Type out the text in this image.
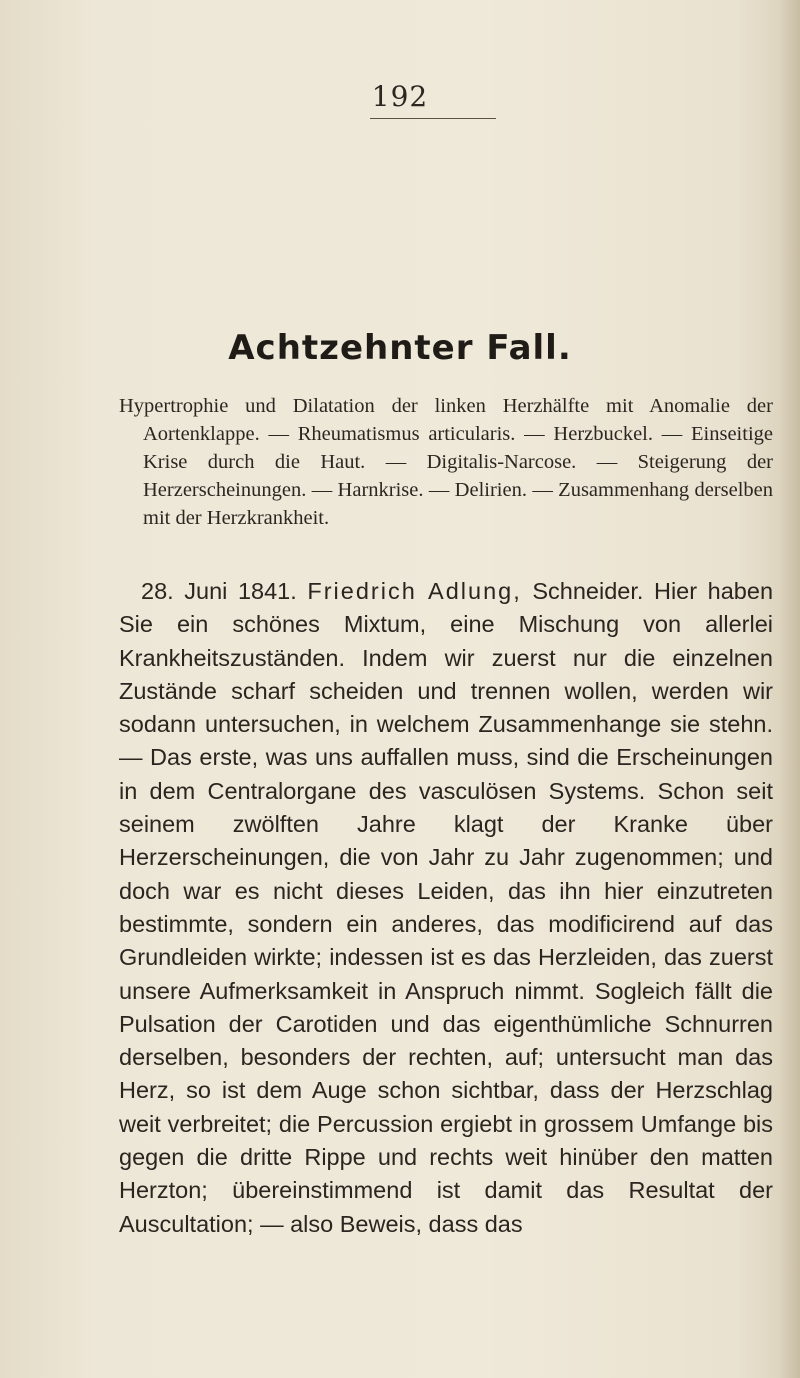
192
Achtzehnter Fall.
Hypertrophie und Dilatation der linken Herzhälfte mit Anomalie der Aortenklappe. — Rheumatismus articularis. — Herzbuckel. — Einseitige Krise durch die Haut. — Digitalis-Narcose. — Steigerung der Herzerscheinungen. — Harnkrise. — Delirien. — Zusammenhang derselben mit der Herzkrankheit.
28. Juni 1841. Friedrich Adlung, Schneider. Hier haben Sie ein schönes Mixtum, eine Mischung von allerlei Krankheitszuständen. Indem wir zuerst nur die einzelnen Zustände scharf scheiden und trennen wollen, werden wir sodann untersuchen, in welchem Zusammenhange sie stehn. — Das erste, was uns auffallen muss, sind die Erscheinungen in dem Centralorgane des vasculösen Systems. Schon seit seinem zwölften Jahre klagt der Kranke über Herzerscheinungen, die von Jahr zu Jahr zugenommen; und doch war es nicht dieses Leiden, das ihn hier einzutreten bestimmte, sondern ein anderes, das modificirend auf das Grundleiden wirkte; indessen ist es das Herzleiden, das zuerst unsere Aufmerksamkeit in Anspruch nimmt. Sogleich fällt die Pulsation der Carotiden und das eigenthümliche Schnurren derselben, besonders der rechten, auf; untersucht man das Herz, so ist dem Auge schon sichtbar, dass der Herzschlag weit verbreitet; die Percussion ergiebt in grossem Umfange bis gegen die dritte Rippe und rechts weit hinüber den matten Herzton; übereinstimmend ist damit das Resultat der Auscultation; — also Beweis, dass das
